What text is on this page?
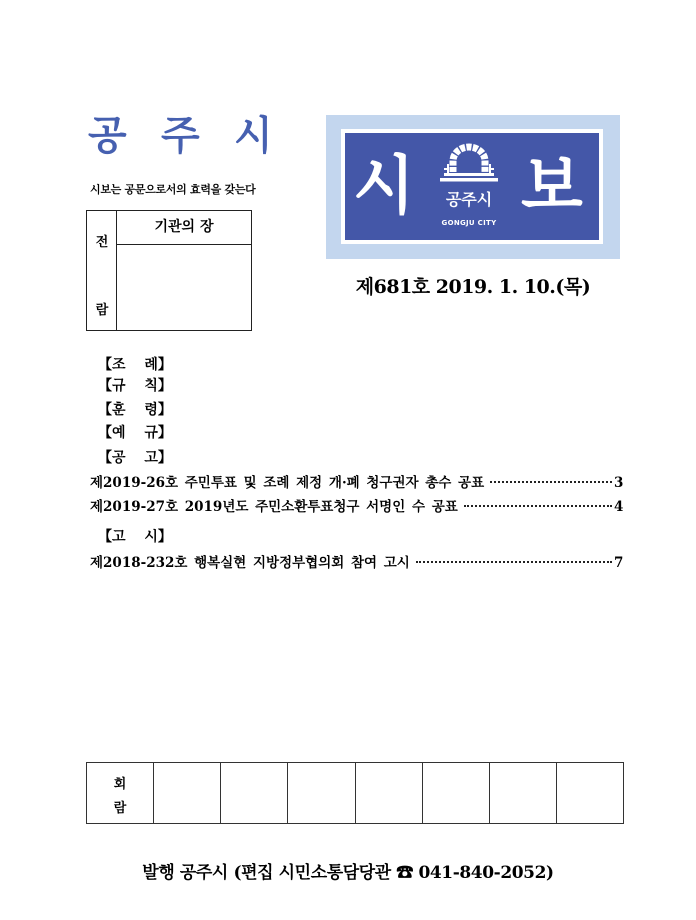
공 주 시
시보는 공문으로서의 효력을 갖는다
전
람
기관의 장
시	공주시
GONGJU CITY 보
제681호 2019. 1. 10.(목)
【조 례】
【규 칙】
【훈 령】
【예 규】
【공 고】
제2019-26호 주민투표 및 조례 제정 개·폐 청구권자 총수 공표	3
제2019-27호 2019년도 주민소환투표청구 서명인 수 공표	4
【고 시】
제2018-232호 행복실현 지방정부협의회 참여 고시	7
회
람
발행 공주시 (편집 시민소통담당관 ☎ 041-840-2052)
